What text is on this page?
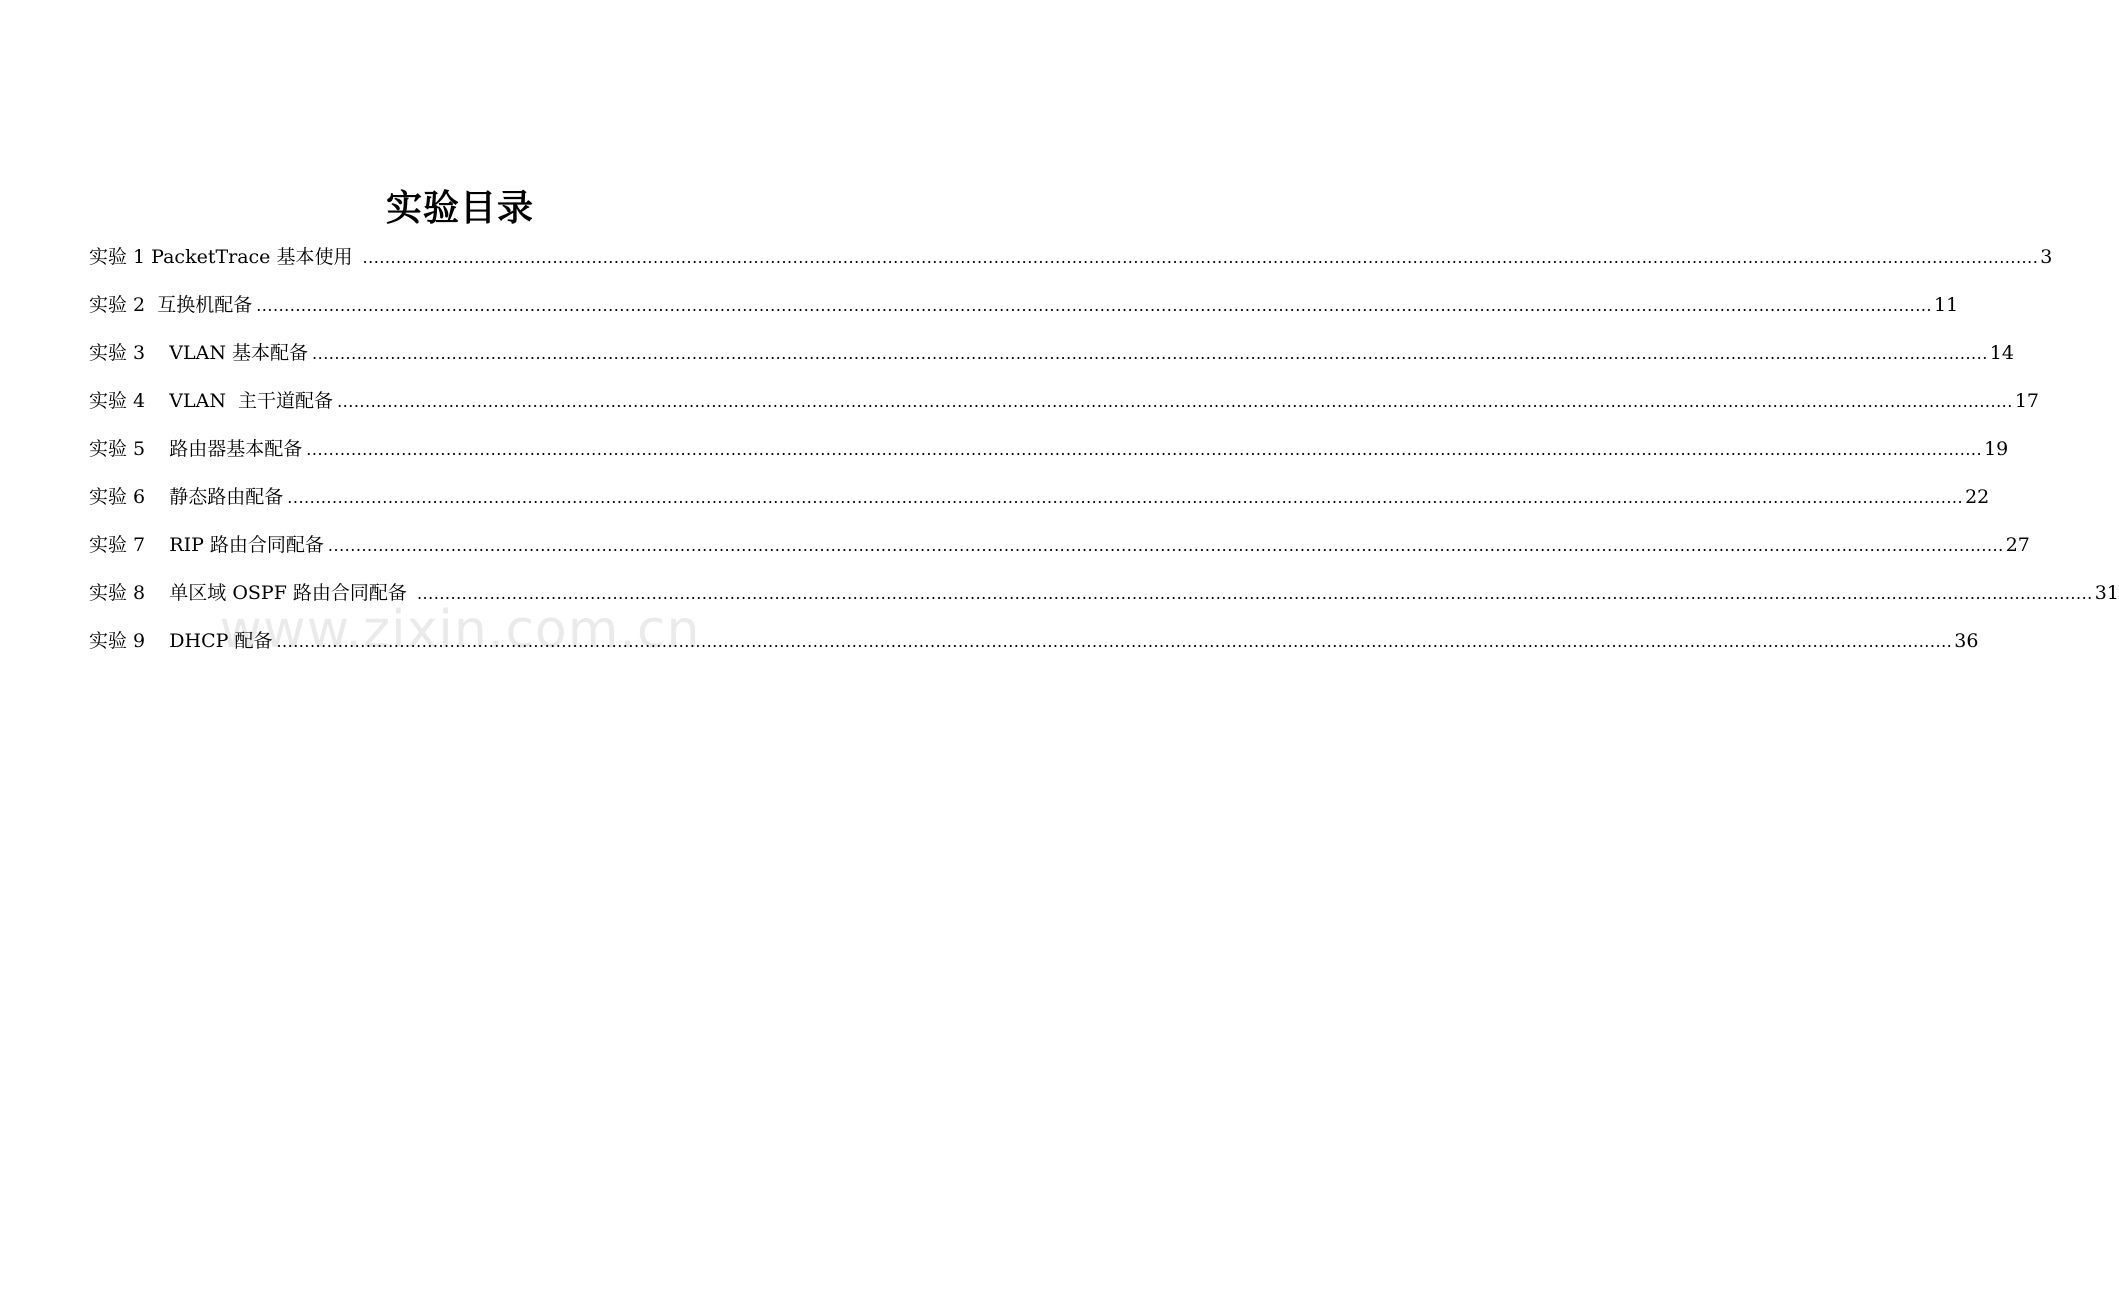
www.zixin.com.cn
实验目录
实验 1 PacketTrace 基本使用 ............................................................................................................................................................................................................................................................................................................ 3
实验 2  互换机配备 ............................................................................................................................................................................................................................................................................................................ 11
实验 3    VLAN 基本配备 ............................................................................................................................................................................................................................................................................................................ 14
实验 4    VLAN  主干道配备 ............................................................................................................................................................................................................................................................................................................ 17
实验 5    路由器基本配备 ............................................................................................................................................................................................................................................................................................................ 19
实验 6    静态路由配备 ............................................................................................................................................................................................................................................................................................................ 22
实验 7    RIP 路由合同配备 ............................................................................................................................................................................................................................................................................................................ 27
实验 8    单区域 OSPF 路由合同配备 ............................................................................................................................................................................................................................................................................................................ 31
实验 9    DHCP 配备 ............................................................................................................................................................................................................................................................................................................ 36
